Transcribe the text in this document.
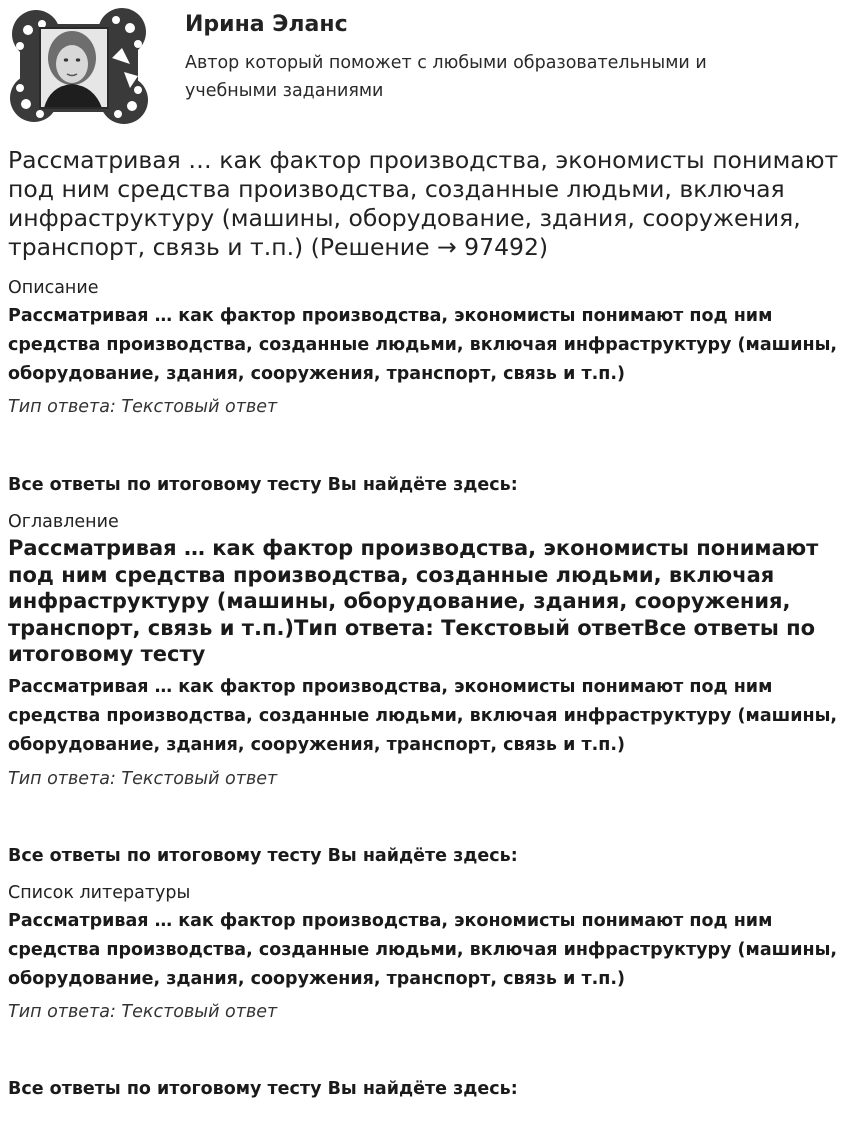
Ирина Эланс
Автор который поможет с любыми образовательными и учебными заданиями
Рассматривая … как фактор производства, экономисты понимают под ним средства производства, созданные людьми, включая инфраструктуру (машины, оборудование, здания, сооружения, транспорт, связь и т.п.) (Решение → 97492)
Описание
Рассматривая … как фактор производства, экономисты понимают под ним средства производства, созданные людьми, включая инфраструктуру (машины, оборудование, здания, сооружения, транспорт, связь и т.п.)
Тип ответа: Текстовый ответ
Все ответы по итоговому тесту Вы найдёте здесь:
Оглавление
Рассматривая … как фактор производства, экономисты понимают под ним средства производства, созданные людьми, включая инфраструктуру (машины, оборудование, здания, сооружения, транспорт, связь и т.п.)Тип ответа: Текстовый ответВсе ответы по итоговому тесту
Рассматривая … как фактор производства, экономисты понимают под ним средства производства, созданные людьми, включая инфраструктуру (машины, оборудование, здания, сооружения, транспорт, связь и т.п.)
Тип ответа: Текстовый ответ
Все ответы по итоговому тесту Вы найдёте здесь:
Список литературы
Рассматривая … как фактор производства, экономисты понимают под ним средства производства, созданные людьми, включая инфраструктуру (машины, оборудование, здания, сооружения, транспорт, связь и т.п.)
Тип ответа: Текстовый ответ
Все ответы по итоговому тесту Вы найдёте здесь:
